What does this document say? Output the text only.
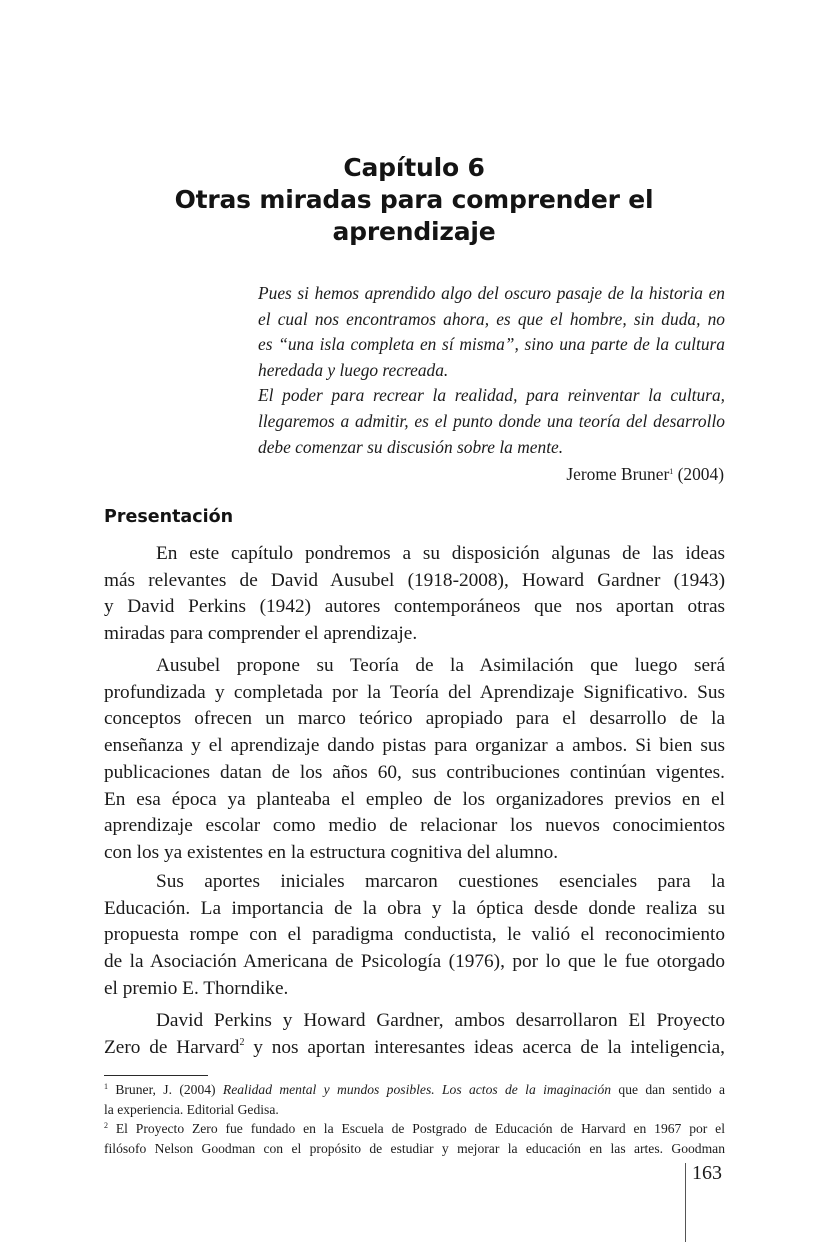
Capítulo 6
Otras miradas para comprender el
aprendizaje
Pues si hemos aprendido algo del oscuro pasaje de la historia en
el cual nos encontramos ahora, es que el hombre, sin duda, no
es “una isla completa en sí misma”, sino una parte de la cultura
heredada y luego recreada.
El poder para recrear la realidad, para reinventar la cultura,
llegaremos a admitir, es el punto donde una teoría del desarrollo
debe comenzar su discusión sobre la mente.
Jerome Bruner$^1$ (2004)
Presentación
En este capítulo pondremos a su disposición algunas de las ideas
más relevantes de David Ausubel (1918-2008), Howard Gardner (1943)
y David Perkins (1942) autores contemporáneos que nos aportan otras
miradas para comprender el aprendizaje.
Ausubel propone su Teoría de la Asimilación que luego será
profundizada y completada por la Teoría del Aprendizaje Significativo. Sus
conceptos ofrecen un marco teórico apropiado para el desarrollo de la
enseñanza y el aprendizaje dando pistas para organizar a ambos. Si bien sus
publicaciones datan de los años 60, sus contribuciones continúan vigentes.
En esa época ya planteaba el empleo de los organizadores previos en el
aprendizaje escolar como medio de relacionar los nuevos conocimientos
con los ya existentes en la estructura cognitiva del alumno.
Sus aportes iniciales marcaron cuestiones esenciales para la
Educación. La importancia de la obra y la óptica desde donde realiza su
propuesta rompe con el paradigma conductista, le valió el reconocimiento
de la Asociación Americana de Psicología (1976), por lo que le fue otorgado
el premio E. Thorndike.
David Perkins y Howard Gardner, ambos desarrollaron El Proyecto
Zero de Harvard$^2$ y nos aportan interesantes ideas acerca de la inteligencia,
$^1$ Bruner, J. (2004) Realidad mental y mundos posibles. Los actos de la imaginación que dan sentido a
la experiencia. Editorial Gedisa.
$^2$ El Proyecto Zero fue fundado en la Escuela de Postgrado de Educación de Harvard en 1967 por el
filósofo Nelson Goodman con el propósito de estudiar y mejorar la educación en las artes. Goodman
163
